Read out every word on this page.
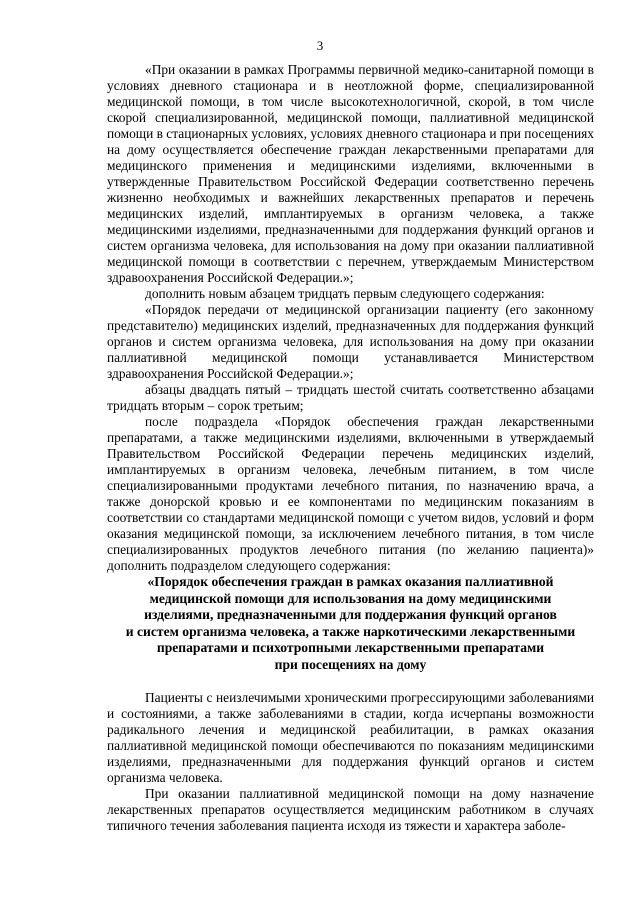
3

«При оказании в рамках Программы первичной медико-санитарной помощи в условиях дневного стационара и в неотложной форме, специализированной медицинской помощи, в том числе высокотехнологичной, скорой, в том числе скорой специализированной, медицинской помощи, паллиативной медицинской помощи в стационарных условиях, условиях дневного стационара и при посещениях на дому осуществляется обеспечение граждан лекарственными препаратами для медицинского применения и медицинскими изделиями, включенными в утвержденные Правительством Российской Федерации соответственно перечень жизненно необходимых и важнейших лекарственных препаратов и перечень медицинских изделий, имплантируемых в организм человека, а также медицинскими изделиями, предназначенными для поддержания функций органов и систем организма человека, для использования на дому при оказании паллиативной медицинской помощи в соответствии с перечнем, утверждаемым Министерством здравоохранения Российской Федерации.»;

дополнить новым абзацем тридцать первым следующего содержания:

«Порядок передачи от медицинской организации пациенту (его законному представителю) медицинских изделий, предназначенных для поддержания функций органов и систем организма человека, для использования на дому при оказании паллиативной медицинской помощи устанавливается Министерством здравоохранения Российской Федерации.»;

абзацы двадцать пятый – тридцать шестой считать соответственно абзацами тридцать вторым – сорок третьим;

после подраздела «Порядок обеспечения граждан лекарственными препаратами, а также медицинскими изделиями, включенными в утверждаемый Правительством Российской Федерации перечень медицинских изделий, имплантируемых в организм человека, лечебным питанием, в том числе специализированными продуктами лечебного питания, по назначению врача, а также донорской кровью и ее компонентами по медицинским показаниям в соответствии со стандартами медицинской помощи с учетом видов, условий и форм оказания медицинской помощи, за исключением лечебного питания, в том числе специализированных продуктов лечебного питания (по желанию пациента)» дополнить подразделом следующего содержания:

«Порядок обеспечения граждан в рамках оказания паллиативной
медицинской помощи для использования на дому медицинскими
изделиями, предназначенными для поддержания функций органов
и систем организма человека, а также наркотическими лекарственными
препаратами и психотропными лекарственными препаратами
при посещениях на дому

Пациенты с неизлечимыми хроническими прогрессирующими заболеваниями и состояниями, а также заболеваниями в стадии, когда исчерпаны возможности радикального лечения и медицинской реабилитации, в рамках оказания паллиативной медицинской помощи обеспечиваются по показаниям медицинскими изделиями, предназначенными для поддержания функций органов и систем организма человека.

При оказании паллиативной медицинской помощи на дому назначение лекарственных препаратов осуществляется медицинским работником в случаях типичного течения заболевания пациента исходя из тяжести и характера заболе-
